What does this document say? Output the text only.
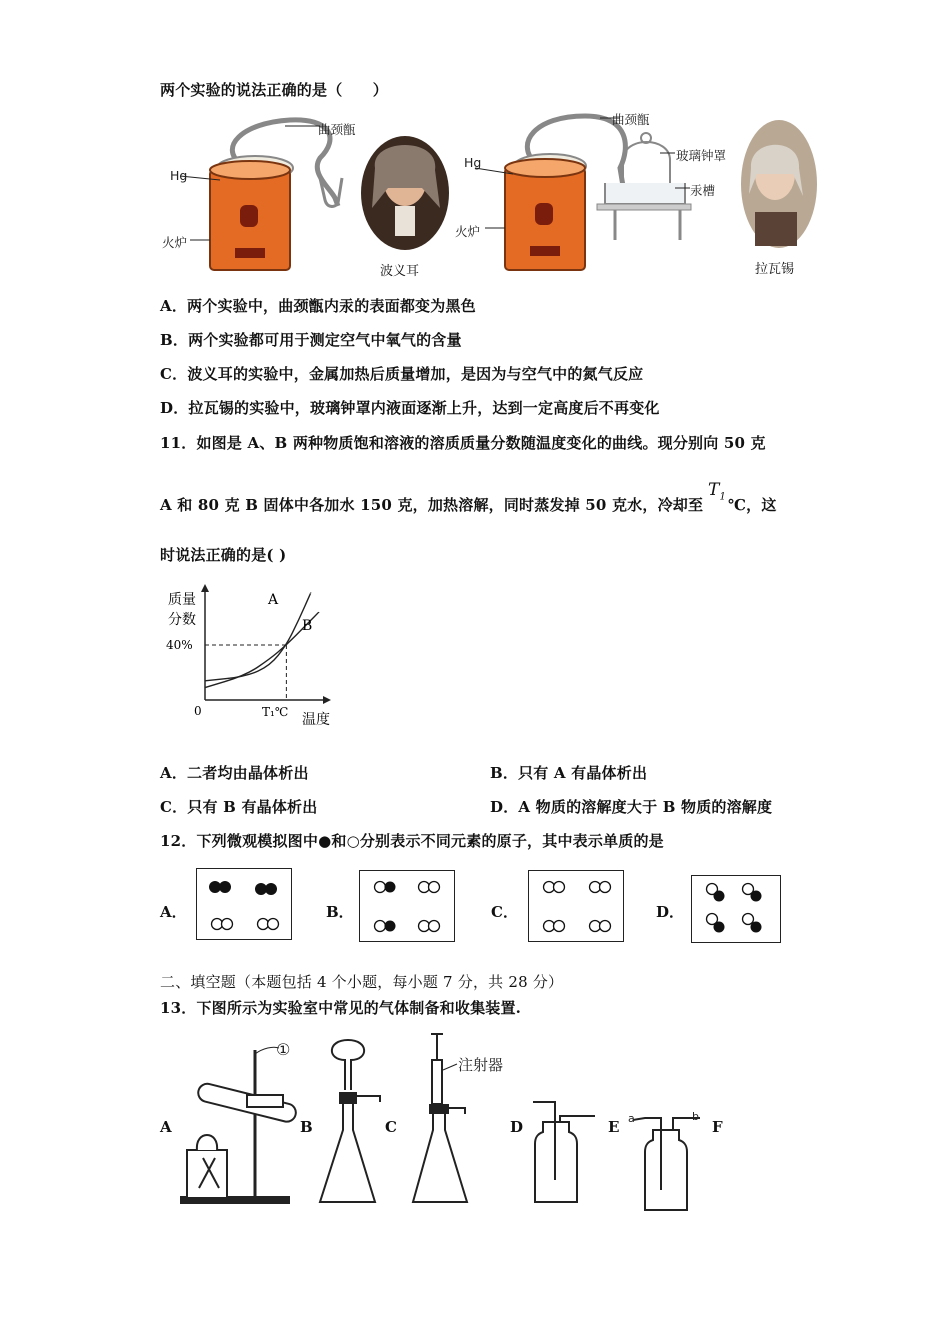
两个实验的说法正确的是（　　）
曲颈甑
Hg
火炉
波义耳
曲颈甑
Hg	玻璃钟罩
汞槽
火炉
拉瓦锡
A．两个实验中，曲颈甑内汞的表面都变为黑色
B．两个实验都可用于测定空气中氧气的含量
C．波义耳的实验中，金属加热后质量增加，是因为与空气中的氮气反应
D．拉瓦锡的实验中，玻璃钟罩内液面逐渐上升，达到一定高度后不再变化
11．如图是 A、B 两种物质饱和溶液的溶质质量分数随温度变化的曲线。现分别向 50 克
A 和 80 克 B 固体中各加水 150 克，加热溶解，同时蒸发掉 50 克水，冷却至
$T_1$ ℃，这
时说法正确的是( )
质量
分数
40%
0	T₁℃ 温度
A
B
A．二者均由晶体析出	B．只有 A 有晶体析出
C．只有 B 有晶体析出	D．A 物质的溶解度大于 B 物质的溶解度
12．下列微观模拟图中●和○分别表示不同元素的原子，其中表示单质的是
A．	B．	C．	D．
二、填空题（本题包括 4 个小题，每小题 7 分，共 28 分）
13．下图所示为实验室中常见的气体制备和收集装置.
注射器
①
a	b
A	B	C	D	E	F
